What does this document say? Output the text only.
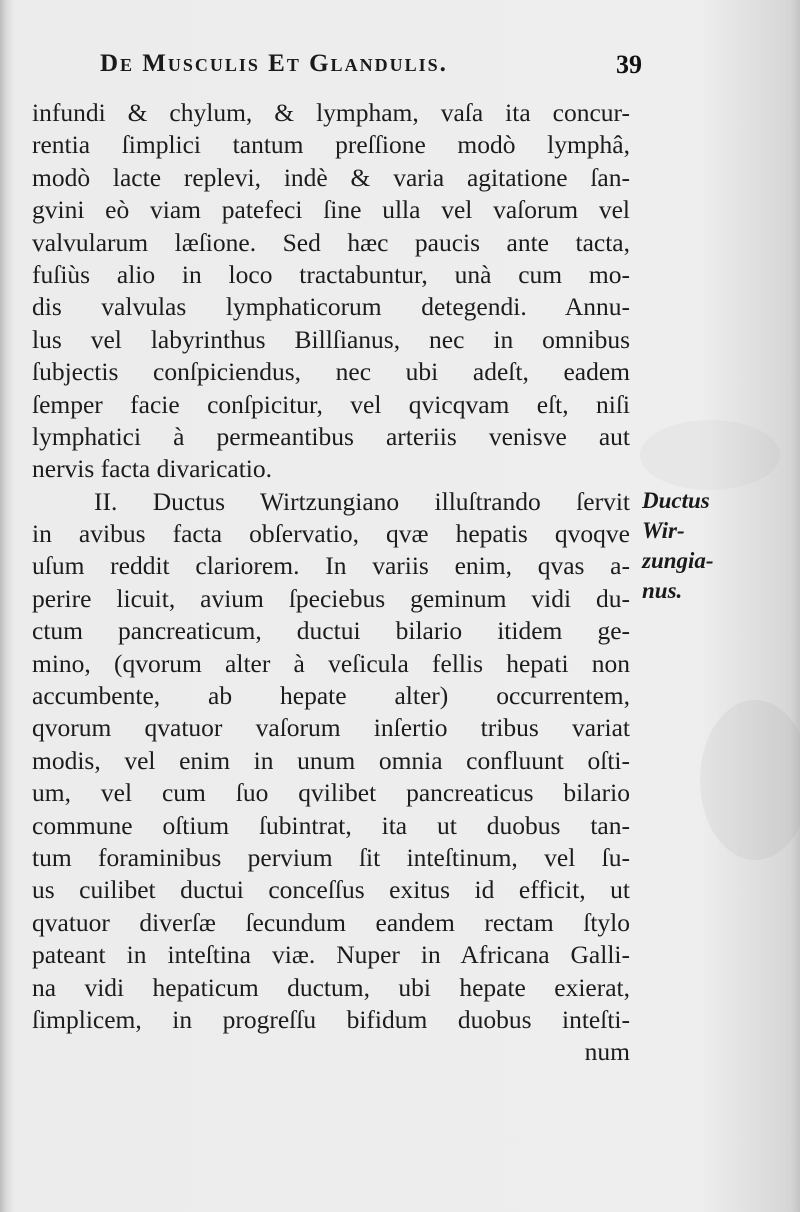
De Musculis Et Glandulis.	39
infundi & chylum, & lympham, vaſa ita concur-
rentia ſimplici tantum preſſione modò lymphâ,
modò lacte replevi, indè & varia agitatione ſan-
gvini eò viam patefeci ſine ulla vel vaſorum vel
valvularum læſione. Sed hæc paucis ante tacta,
fuſiùs alio in loco tractabuntur, unà cum mo-
dis valvulas lymphaticorum detegendi. Annu-
lus vel labyrinthus Billſianus, nec in omnibus
ſubjectis conſpiciendus, nec ubi adeſt, eadem
ſemper facie conſpicitur, vel qvicqvam eſt, niſi
lymphatici à permeantibus arteriis venisve aut
nervis facta divaricatio.
II. Ductus Wirtzungiano illuſtrando ſervit
in avibus facta obſervatio, qvæ hepatis qvoqve
uſum reddit clariorem. In variis enim, qvas a-
perire licuit, avium ſpeciebus geminum vidi du-
ctum pancreaticum, ductui bilario itidem ge-
mino, (qvorum alter à veſicula fellis hepati non
accumbente, ab hepate alter) occurrentem,
qvorum qvatuor vaſorum inſertio tribus variat
modis, vel enim in unum omnia confluunt oſti-
um, vel cum ſuo qvilibet pancreaticus bilario
commune oſtium ſubintrat, ita ut duobus tan-
tum foraminibus pervium ſit inteſtinum, vel ſu-
us cuilibet ductui conceſſus exitus id efficit, ut
qvatuor diverſæ ſecundum eandem rectam ſtylo
pateant in inteſtina viæ. Nuper in Africana Galli-
na vidi hepaticum ductum, ubi hepate exierat,
ſimplicem, in progreſſu bifidum duobus inteſti-
num
Ductus
Wir-
zungia-
nus.
